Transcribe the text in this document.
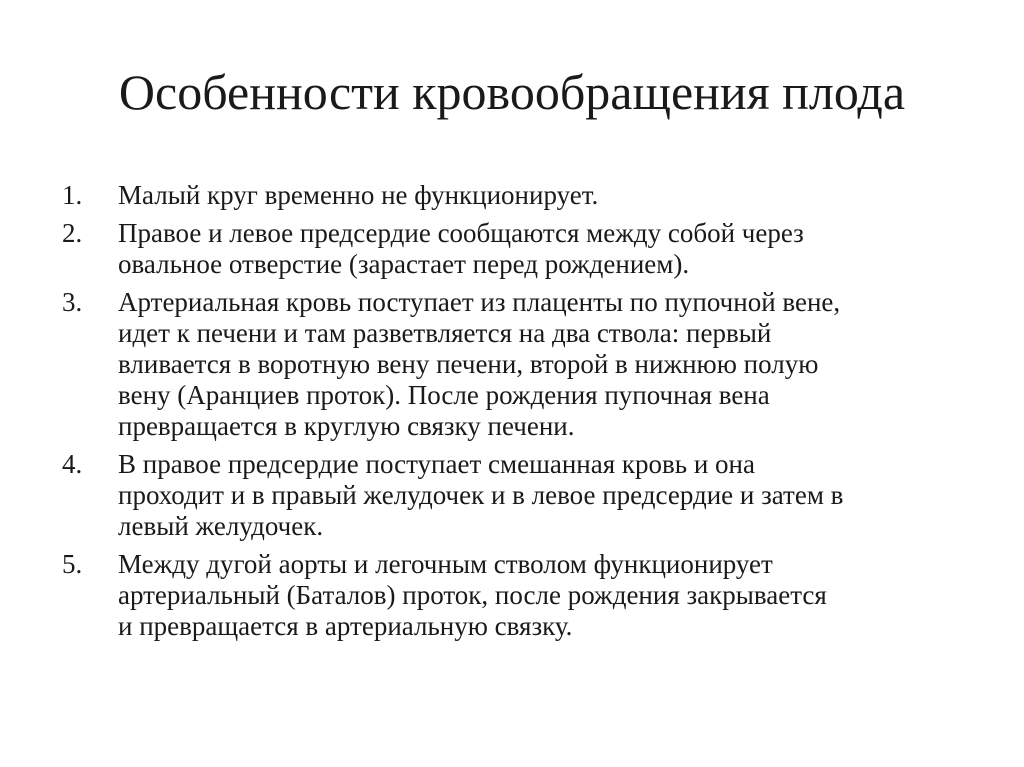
Особенности кровообращения плода
1.	Малый круг временно не функционирует.
2.	Правое и левое предсердие сообщаются между собой через
овальное отверстие (зарастает перед рождением).
3.	Артериальная кровь поступает из плаценты по пупочной вене,
идет к печени и там разветвляется на два ствола: первый
вливается в воротную вену печени, второй в нижнюю полую
вену (Аранциев проток). После рождения пупочная вена
превращается в круглую связку печени.
4.	В правое предсердие поступает смешанная кровь и она
проходит и в правый желудочек и в левое предсердие и затем в
левый желудочек.
5.	Между дугой аорты и легочным стволом функционирует
артериальный (Баталов) проток, после рождения закрывается
и превращается в артериальную связку.
